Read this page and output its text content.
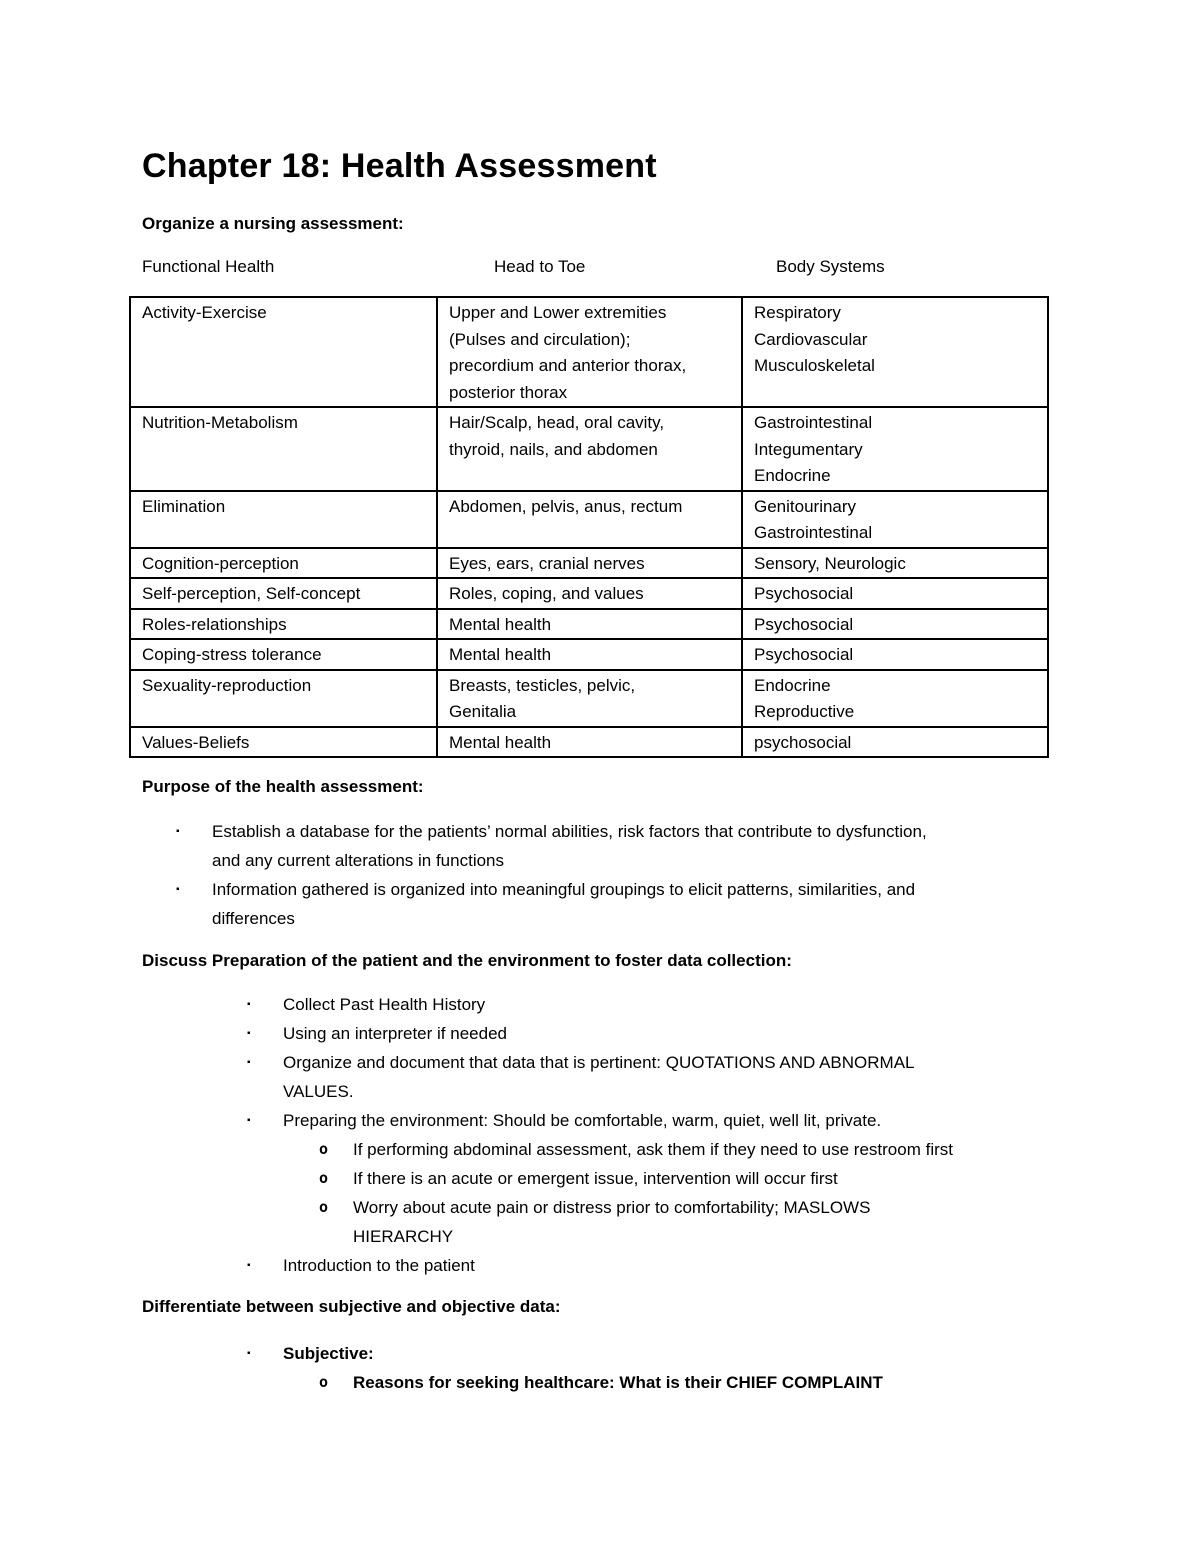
Chapter 18: Health Assessment

Organize a nursing assessment:

Functional Health	Head to Toe	Body Systems
Activity-Exercise	Upper and Lower extremities
(Pulses and circulation);
precordium and anterior thorax,
posterior thorax	Respiratory
Cardiovascular
Musculoskeletal

Nutrition-Metabolism	Hair/Scalp, head, oral cavity,
thyroid, nails, and abdomen	Gastrointestinal
Integumentary
Endocrine

Elimination	Abdomen, pelvis, anus, rectum	Genitourinary
Gastrointestinal

Cognition-perception	Eyes, ears, cranial nerves	Sensory, Neurologic

Self-perception, Self-concept	Roles, coping, and values	Psychosocial

Roles-relationships	Mental health	Psychosocial

Coping-stress tolerance	Mental health	Psychosocial

Sexuality-reproduction	Breasts, testicles, pelvic,
Genitalia	Endocrine
Reproductive

Values-Beliefs	Mental health	psychosocial

Purpose of the health assessment:

▪ Establish a database for the patients’ normal abilities, risk factors that contribute to dysfunction,
and any current alterations in functions
▪ Information gathered is organized into meaningful groupings to elicit patterns, similarities, and
differences

Discuss Preparation of the patient and the environment to foster data collection:

▪ Collect Past Health History
▪ Using an interpreter if needed
▪ Organize and document that data that is pertinent: QUOTATIONS AND ABNORMAL
VALUES.
▪ Preparing the environment: Should be comfortable, warm, quiet, well lit, private.
o If performing abdominal assessment, ask them if they need to use restroom first
o If there is an acute or emergent issue, intervention will occur first
o Worry about acute pain or distress prior to comfortability; MASLOWS
HIERARCHY
▪ Introduction to the patient

Differentiate between subjective and objective data:

▪ Subjective:
o Reasons for seeking healthcare: What is their CHIEF COMPLAINT
